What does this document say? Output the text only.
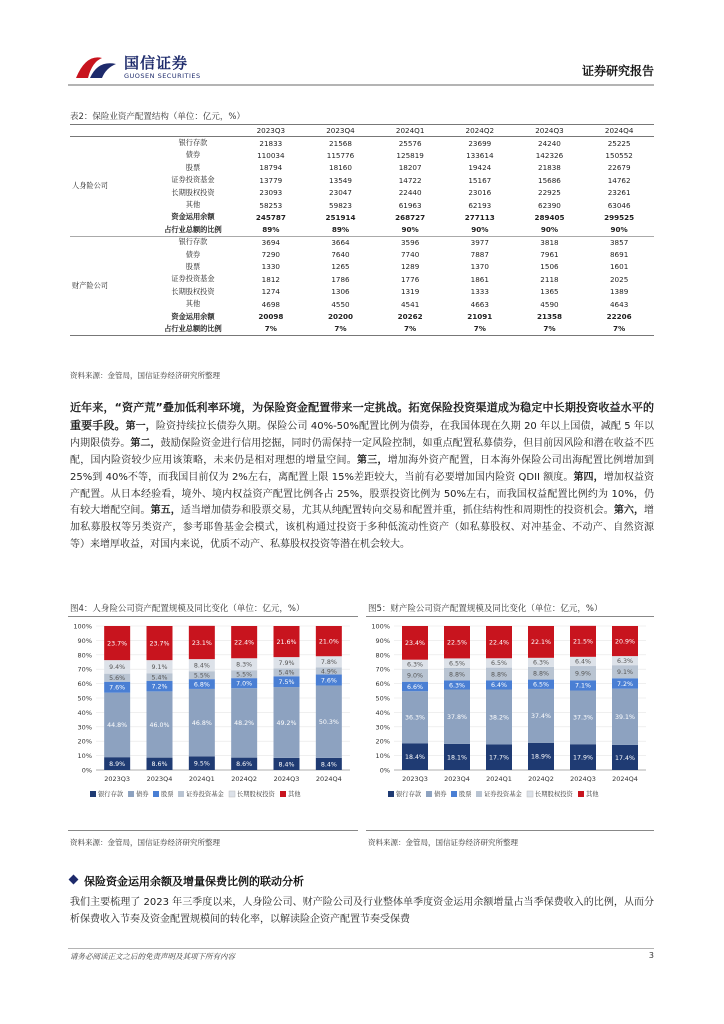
国信证券
GUOSEN SECURITIES	证券研究报告
表2：保险业资产配置结构（单位：亿元，%）
		2023Q3	2023Q4	2024Q1	2024Q2	2024Q3	2024Q4
人身险公司	银行存款	21833	21568	25576	23699	24240	25225
	债券	110034	115776	125819	133614	142326	150552
	股票	18794	18160	18207	19424	21838	22679
	证券投资基金	13779	13549	14722	15167	15686	14762
	长期股权投资	23093	23047	22440	23016	22925	23261
	其他	58253	59823	61963	62193	62390	63046
	资金运用余额	245787	251914	268727	277113	289405	299525
	占行业总额的比例	89%	89%	90%	90%	90%	90%
财产险公司	银行存款	3694	3664	3596	3977	3818	3857
	债券	7290	7640	7740	7887	7961	8691
	股票	1330	1265	1289	1370	1506	1601
	证券投资基金	1812	1786	1776	1861	2118	2025
	长期股权投资	1274	1306	1319	1333	1365	1389
	其他	4698	4550	4541	4663	4590	4643
	资金运用余额	20098	20200	20262	21091	21358	22206
	占行业总额的比例	7%	7%	7%	7%	7%	7%
资料来源：金管局，国信证券经济研究所整理
近年来，“资产荒”叠加低利率环境，为保险资金配置带来一定挑战。拓宽保险投资渠道成为稳定中长期投资收益水平的重要手段。第一，险资持续拉长债券久期。保险公司 40%-50%配置比例为债券，在我国体现在久期 20 年以上国债，减配 5 年以内期限债券。第二，鼓励保险资金进行信用挖掘，同时仍需保持一定风险控制，如重点配置私募债券，但目前因风险和潜在收益不匹配，国内险资较少应用该策略，未来仍是相对理想的增量空间。第三，增加海外资产配置，日本海外保险公司出海配置比例增加到 25%到 40%不等，而我国目前仅为 2%左右，离配置上限 15%差距较大，当前有必要增加国内险资 QDII 额度。第四，增加权益资产配置。从日本经验看，境外、境内权益资产配置比例各占 25%，股票投资比例为 50%左右，而我国权益配置比例约为 10%，仍有较大增配空间。第五，适当增加债券和股票交易，尤其从纯配置转向交易和配置并重，抓住结构性和周期性的投资机会。第六，增加私募股权等另类资产，参考耶鲁基金会模式，该机构通过投资于多种低流动性资产（如私募股权、对冲基金、不动产、自然资源等）来增厚收益，对国内来说，优质不动产、私募股权投资等潜在机会较大。
图4：人身险公司资产配置规模及同比变化（单位：亿元，%）
0%
10%
20%
30%
40%
50%
60%
70%
80%
90%
100%
8.9%
44.8%
7.6%
5.6%
9.4%
23.7%
2023Q3
8.6%
46.0%
7.2%
5.4%
9.1%
23.7%
2023Q4
9.5%
46.8%
6.8%
5.5%
8.4%
23.1%
2024Q1
8.6%
48.2%
7.0%
5.5%
8.3%
22.4%
2024Q2
8.4%
49.2%
7.5%
5.4%
7.9%
21.6%
2024Q3
8.4%
50.3%
7.6%
4.9%
7.8%
21.0%
2024Q4
银行存款 债券 股票 证券投资基金 长期股权投资 其他
资料来源：金管局，国信证券经济研究所整理
图5：财产险公司资产配置规模及同比变化（单位：亿元，%）
0%
10%
20%
30%
40%
50%
60%
70%
80%
90%
100%
18.4%
36.3%
6.6%
9.0%
6.3%
23.4%
2023Q3
18.1%
37.8%
6.3%
8.8%
6.5%
22.5%
2023Q4
17.7%
38.2%
6.4%
8.8%
6.5%
22.4%
2024Q1
18.9%
37.4%
6.5%
8.8%
6.3%
22.1%
2024Q2
17.9%
37.3%
7.1%
9.9%
6.4%
21.5%
2024Q3
17.4%
39.1%
7.2%
9.1%
6.3%
20.9%
2024Q4
银行存款 债券 股票 证券投资基金 长期股权投资 其他
资料来源：金管局，国信证券经济研究所整理
保险资金运用余额及增量保费比例的联动分析
我们主要梳理了 2023 年三季度以来，人身险公司、财产险公司及行业整体单季度资金运用余额增量占当季保费收入的比例，从而分析保费收入节奏及资金配置规模间的转化率，以解读险企资产配置节奏受保费
请务必阅读正文之后的免责声明及其项下所有内容	3
